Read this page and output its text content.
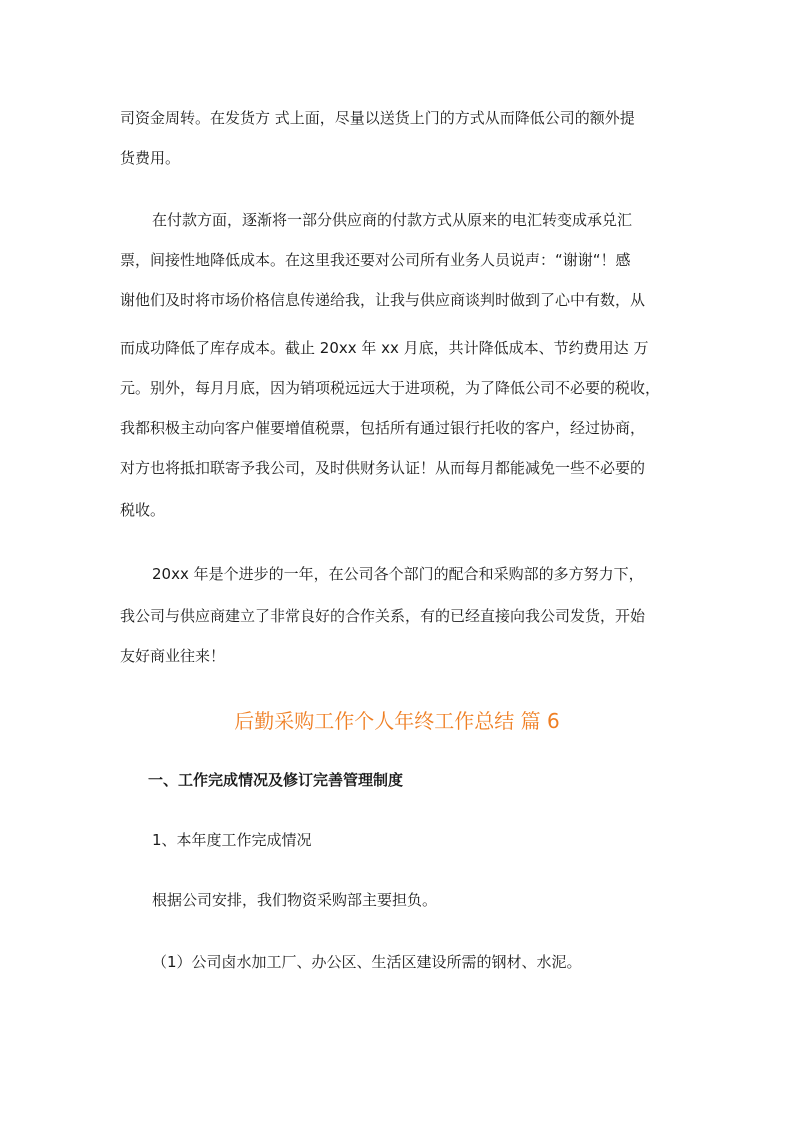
司资金周转。在发货方 式上面，尽量以送货上门的方式从而降低公司的额外提
货费用。
在付款方面，逐渐将一部分供应商的付款方式从原来的电汇转变成承兑汇
票，间接性地降低成本。在这里我还要对公司所有业务人员说声：“谢谢“！感
谢他们及时将市场价格信息传递给我，让我与供应商谈判时做到了心中有数，从
而成功降低了库存成本。截止 20xx 年 xx 月底，共计降低成本、节约费用达 万
元。别外，每月月底，因为销项税远远大于进项税，为了降低公司不必要的税收，
我都积极主动向客户催要增值税票，包括所有通过银行托收的客户，经过协商，
对方也将抵扣联寄予我公司，及时供财务认证！从而每月都能减免一些不必要的
税收。
20xx 年是个进步的一年，在公司各个部门的配合和采购部的多方努力下，
我公司与供应商建立了非常良好的合作关系，有的已经直接向我公司发货，开始
友好商业往来！
后勤采购工作个人年终工作总结 篇 6
一、工作完成情况及修订完善管理制度
1、本年度工作完成情况
根据公司安排，我们物资采购部主要担负。
（1）公司卤水加工厂、办公区、生活区建设所需的钢材、水泥。
